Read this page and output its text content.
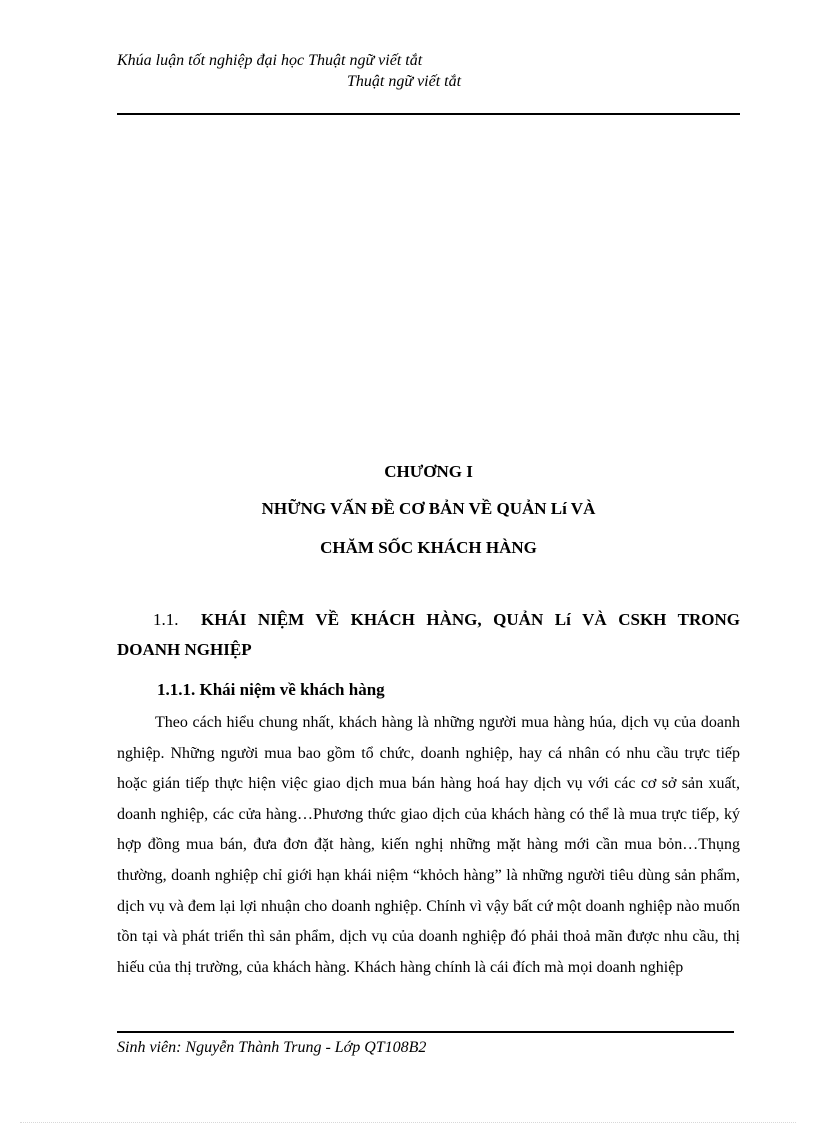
Khúa luận tốt nghiệp đại học Thuật ngữ viết tắt
Thuật ngữ viết tắt
CHƯƠNG I
NHỮNG VẤN ĐỀ CƠ BẢN VỀ QUẢN Lí VÀ
CHĂM SỐC KHÁCH HÀNG
1.1. KHÁI NIỆM VỀ KHÁCH HÀNG, QUẢN Lí VÀ CSKH TRONG DOANH NGHIỆP
1.1.1. Khái niệm về khách hàng
Theo cách hiểu chung nhất, khách hàng là những người mua hàng húa, dịch vụ của doanh nghiệp. Những người mua bao gồm tổ chức, doanh nghiệp, hay cá nhân có nhu cầu trực tiếp hoặc gián tiếp thực hiện việc giao dịch mua bán hàng hoá hay dịch vụ với các cơ sở sản xuất, doanh nghiệp, các cửa hàng…Phương thức giao dịch của khách hàng có thể là mua trực tiếp, ký hợp đồng mua bán, đưa đơn đặt hàng, kiến nghị những mặt hàng mới cần mua bỏn…Thụng thường, doanh nghiệp chỉ giới hạn khái niệm “khỏch hàng” là những người tiêu dùng sản phẩm, dịch vụ và đem lại lợi nhuận cho doanh nghiệp. Chính vì vậy bất cứ một doanh nghiệp nào muốn tồn tại và phát triển thì sản phẩm, dịch vụ của doanh nghiệp đó phải thoả mãn được nhu cầu, thị hiếu của thị trường, của khách hàng. Khách hàng chính là cái đích mà mọi doanh nghiệp
Sinh viên: Nguyễn Thành Trung - Lớp QT108B2
